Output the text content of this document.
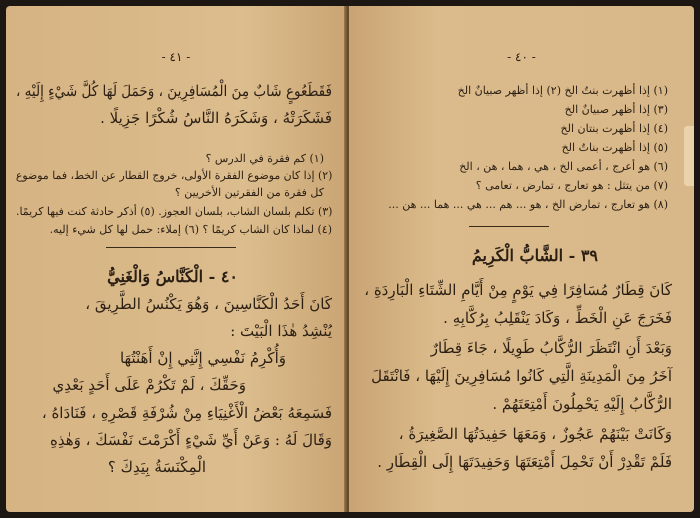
- ٤١ -
فَقَطَعُوعٍ شَابٌ مِنَ الْمُسَافِرِينَ ، وَحَمَلَ لَهَا كُلَّ شَيْءٍ إِلَيْهِ ،
فَشَكَرَتْهُ ، وَشَكَرَهُ النَّاسُ شُكْرًا جَزِيلًا .
(١) كم فقرة في الدرس ؟
(٢) إذا كان موضوع الفقرة الأولى، خروج القطار عن الخط، فما موضوع
كل فقرة من الفقرتين الأخريين ؟
(٣) تكلم بلسان الشاب، بلسان العجوز. (٥) أذكر حادثة كنت فيها كريمًا.
(٤) لماذا كان الشاب كريمًا ؟ (٦) إملاء: حمل لها كل شيء إليه.
٤٠ - الْكَنَّاسُ وَالْغَنِيُّ
كَانَ أَحَدُ الْكَنَّاسِينَ ، وَهُوَ يَكْنُسُ الطَّرِيقَ ،
يُنْشِدُ هٰذَا الْبَيْتَ :
وَأُكْرِمُ نَفْسِي إِنَّنِي إِنْ أَهَنْتُهَا
وَحَقِّكَ ، لَمْ تَكْرُمْ عَلَى أَحَدٍ بَعْدِي
فَسَمِعَهُ بَعْضُ الْأَغْنِيَاءِ مِنْ شُرْفَةِ قَصْرِهِ ، فَنَادَاهُ ،
وَقَالَ لَهُ : وَعَنْ أَيِّ شَيْءٍ أَكْرَمْتَ نَفْسَكَ ، وَهٰذِهِ
الْمِكْنَسَةُ بِيَدِكَ ؟
- ٤٠ -
(١) إذا أظهرت بنتٌ الخ (٢) إذا أظهر صبيانٌ الخ
(٣) إذا أظهر صبيانٌ الخ
(٤) إذا أظهرت بنتان الخ
(٥) إذا أظهرت بناتٌ الخ
(٦) هو أعرج ، أعمى الخ ، هي ، هما ، هن ، الخ
(٧) من يتثل : هو تعارج ، تمارض ، تعامى ؟
(٨) هو تعارج ، تمارض الخ ، هو ... هم ... هي ... هما ... هن ...
٣٩ - الشَّابُّ الْكَرِيمُ
كَانَ قِطَارٌ مُسَافِرًا فِي يَوْمٍ مِنْ أَيَّامِ الشِّتَاءِ الْبَارِدَةِ ،
فَخَرَجَ عَنِ الْخَطِّ ، وَكَادَ يَنْقَلِبُ بِرُكَّابِهِ .
وَبَعْدَ أَنِ انْتَظَرَ الرُّكَّابُ طَوِيلًا ، جَاءَ قِطَارٌ
آخَرُ مِنَ الْمَدِينَةِ الَّتِي كَانُوا مُسَافِرِينَ إِلَيْهَا ، فَانْتَقَلَ
الرُّكَّابُ إِلَيْهِ يَحْمِلُونَ أَمْتِعَتَهُمْ .
وَكَانَتْ بَيْنَهُمْ عَجُوزٌ ، وَمَعَهَا حَفِيدَتُهَا الصَّغِيرَةُ ،
فَلَمْ تَقْدِرْ أَنْ تَحْمِلَ أَمْتِعَتَهَا وَحَفِيدَتَهَا إِلَى الْقِطَارِ .
